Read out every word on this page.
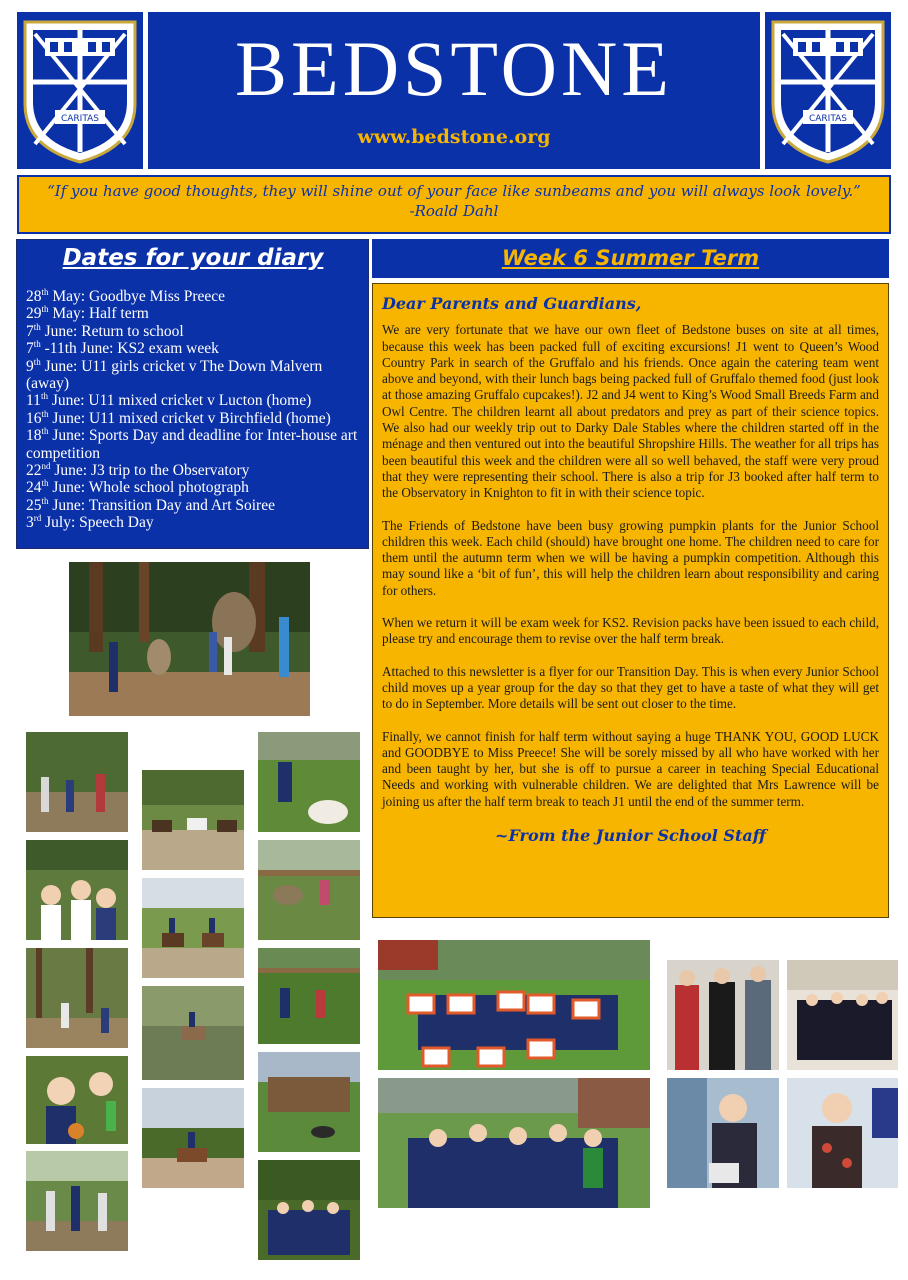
CARITAS
BEDSTONE
www.bedstone.org
CARITAS
“If you have good thoughts, they will shine out of your face like sunbeams and you will always look lovely.”
-Roald Dahl
Dates for your diary
28th May: Goodbye Miss Preece
29th May: Half term
7th June: Return to school
7th -11th June: KS2 exam week
9th June: U11 girls cricket v The Down Malvern (away)
11th June: U11 mixed cricket v Lucton (home)
16th June: U11 mixed cricket v Birchfield (home)
18th June: Sports Day and deadline for Inter-house art competition
22nd June: J3 trip to the Observatory
24th June: Whole school photograph
25th June: Transition Day and Art Soiree
3rd July: Speech Day
Week 6 Summer Term
Dear Parents and Guardians,

We are very fortunate that we have our own fleet of Bedstone buses on site at all times, because this week has been packed full of exciting excursions! J1 went to Queen’s Wood Country Park in search of the Gruffalo and his friends. Once again the catering team went above and beyond, with their lunch bags being packed full of Gruffalo themed food (just look at those amazing Gruffalo cupcakes!). J2 and J4 went to King’s Wood Small Breeds Farm and Owl Centre. The children learnt all about predators and prey as part of their science topics. We also had our weekly trip out to Darky Dale Stables where the children started off in the ménage and then ventured out into the beautiful Shropshire Hills. The weather for all trips has been beautiful this week and the children were all so well behaved, the staff were very proud that they were representing their school. There is also a trip for J3 booked after half term to the Observatory in Knighton to fit in with their science topic.

The Friends of Bedstone have been busy growing pumpkin plants for the Junior School children this week. Each child (should) have brought one home. The children need to care for them until the autumn term when we will be having a pumpkin competition. Although this may sound like a ‘bit of fun’, this will help the children learn about responsibility and caring for others.

When we return it will be exam week for KS2. Revision packs have been issued to each child, please try and encourage them to revise over the half term break.

Attached to this newsletter is a flyer for our Transition Day. This is when every Junior School child moves up a year group for the day so that they get to have a taste of what they will get to do in September. More details will be sent out closer to the time.

Finally, we cannot finish for half term without saying a huge THANK YOU, GOOD LUCK and GOODBYE to Miss Preece! She will be sorely missed by all who have worked with her and been taught by her, but she is off to pursue a career in teaching Special Educational Needs and working with vulnerable children. We are delighted that Mrs Lawrence will be joining us after the half term break to teach J1 until the end of the summer term.

~From the Junior School Staff
